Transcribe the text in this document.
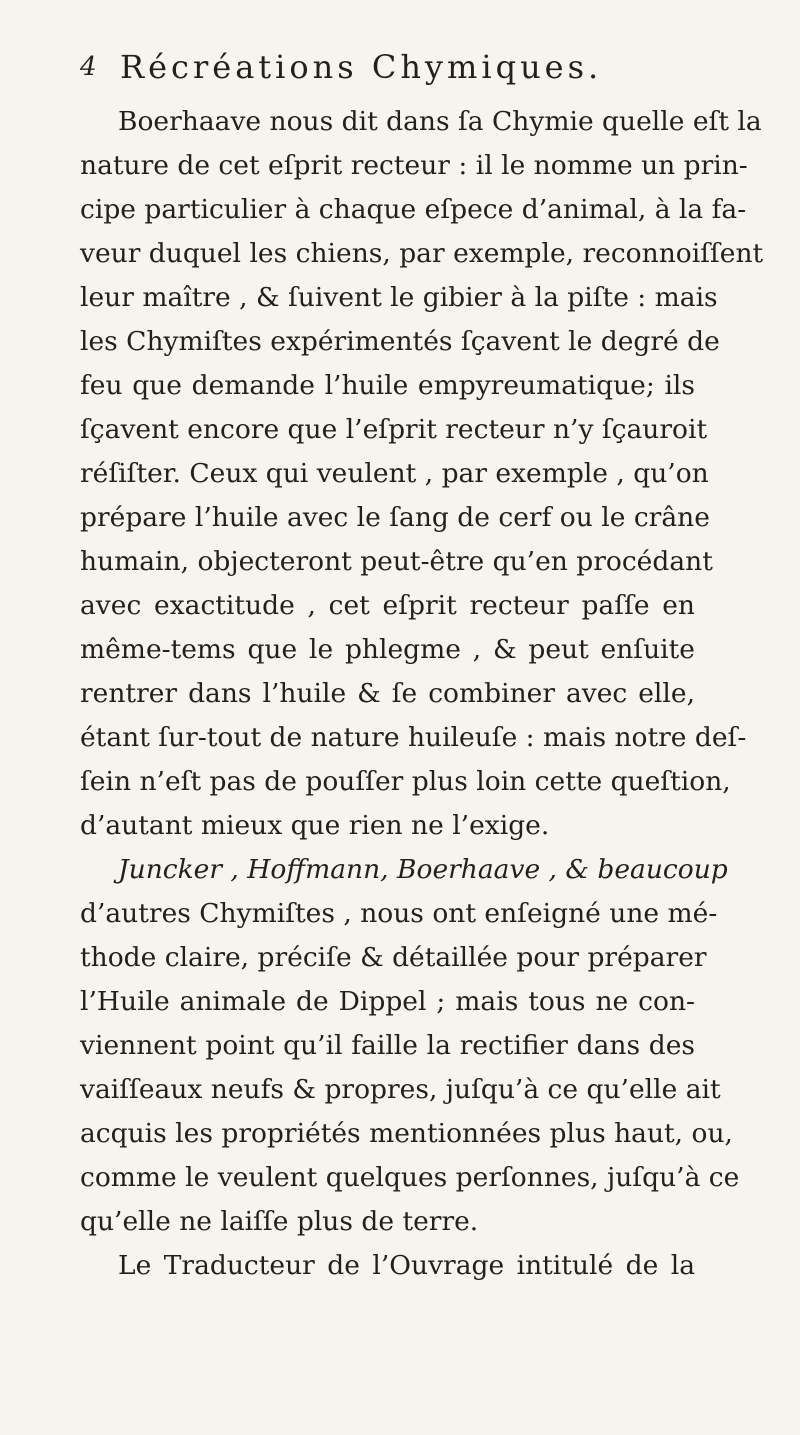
4 Récréations Chymiques.
Boerhaave nous dit dans ſa Chymie quelle eſt la
nature de cet eſprit recteur : il le nomme un prin-
cipe particulier à chaque eſpece d’animal, à la fa-
veur duquel les chiens, par exemple, reconnoiſſent
leur maître , & ſuivent le gibier à la piſte : mais
les Chymiſtes expérimentés ſçavent le degré de
feu que demande l’huile empyreumatique; ils
ſçavent encore que l’eſprit recteur n’y ſçauroit
réſiſter. Ceux qui veulent , par exemple , qu’on
prépare l’huile avec le ſang de cerf ou le crâne
humain, objecteront peut-être qu’en procédant
avec exactitude , cet eſprit recteur paſſe en
même-tems que le phlegme , & peut enſuite
rentrer dans l’huile & ſe combiner avec elle,
étant ſur-tout de nature huileuſe : mais notre deſ-
ſein n’eſt pas de pouſſer plus loin cette queſtion,
d’autant mieux que rien ne l’exige.
Juncker , Hoffmann, Boerhaave , & beaucoup
d’autres Chymiſtes , nous ont enſeigné une mé-
thode claire, préciſe & détaillée pour préparer
l’Huile animale de Dippel ; mais tous ne con-
viennent point qu’il faille la rectifier dans des
vaiſſeaux neufs & propres, juſqu’à ce qu’elle ait
acquis les propriétés mentionnées plus haut, ou,
comme le veulent quelques perſonnes, juſqu’à ce
qu’elle ne laiſſe plus de terre.
Le Traducteur de l’Ouvrage intitulé de la
